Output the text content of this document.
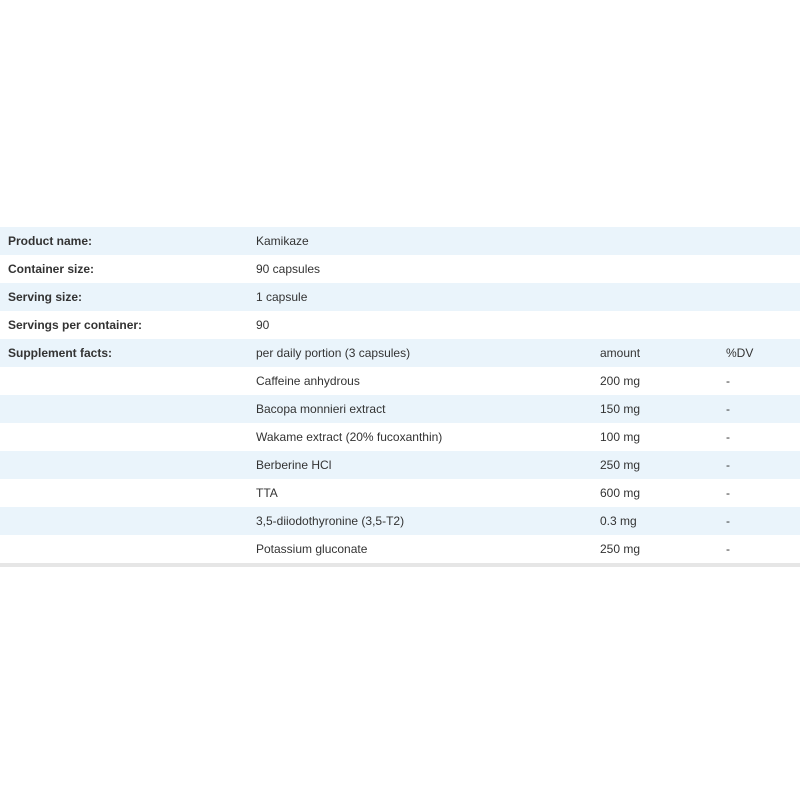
Product name:	Kamikaze
Container size:	90 capsules
Serving size:	1 capsule
Servings per container:	90
Supplement facts:	per daily portion (3 capsules)	amount	%DV
Caffeine anhydrous	200 mg	-
Bacopa monnieri extract	150 mg	-
Wakame extract (20% fucoxanthin)	100 mg	-
Berberine HCl	250 mg	-
TTA	600 mg	-
3,5-diiodothyronine (3,5-T2)	0.3 mg	-
Potassium gluconate	250 mg	-
